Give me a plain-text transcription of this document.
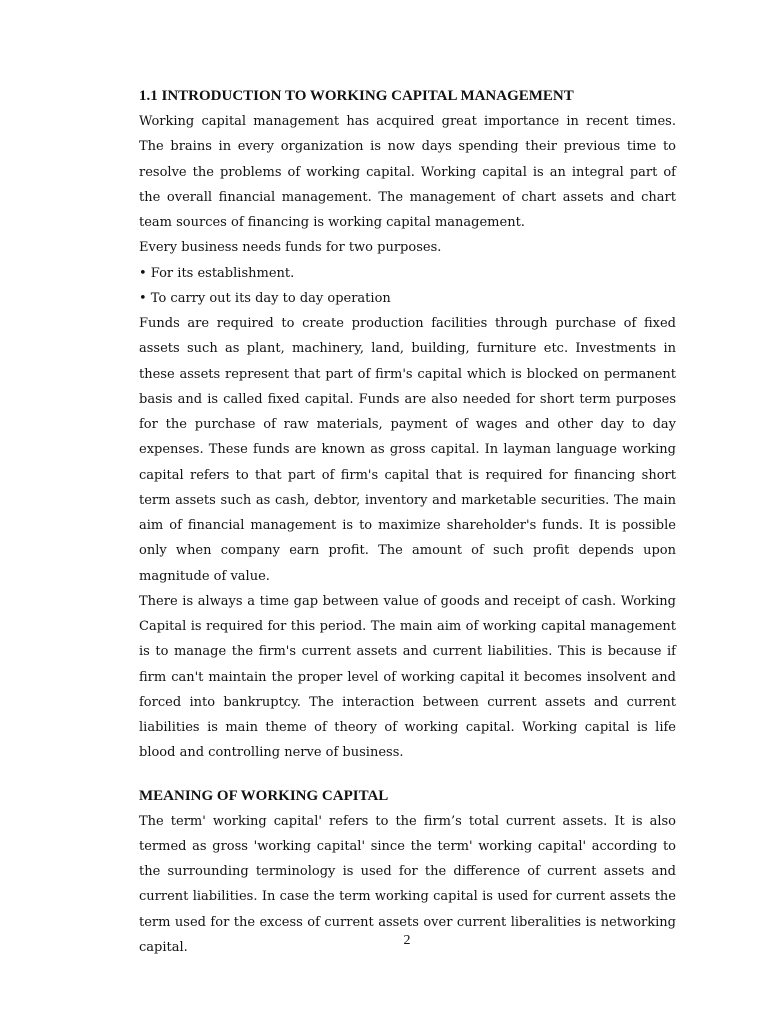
1.1 INTRODUCTION TO WORKING CAPITAL MANAGEMENT

Working capital management has acquired great importance in recent times. The brains in every organization is now days spending their previous time to resolve the problems of working capital. Working capital is an integral part of the overall financial management. The management of chart assets and chart team sources of financing is working capital management.

Every business needs funds for two purposes.

• For its establishment.
• To carry out its day to day operation

Funds are required to create production facilities through purchase of fixed assets such as plant, machinery, land, building, furniture etc. Investments in these assets represent that part of firm's capital which is blocked on permanent basis and is called fixed capital. Funds are also needed for short term purposes for the purchase of raw materials, payment of wages and other day to day expenses. These funds are known as gross capital. In layman language working capital refers to that part of firm's capital that is required for financing short term assets such as cash, debtor, inventory and marketable securities. The main aim of financial management is to maximize shareholder's funds. It is possible only when company earn profit. The amount of such profit depends upon magnitude of value.

There is always a time gap between value of goods and receipt of cash. Working Capital is required for this period. The main aim of working capital management is to manage the firm's current assets and current liabilities. This is because if firm can't maintain the proper level of working capital it becomes insolvent and forced into bankruptcy. The interaction between current assets and current liabilities is main theme of theory of working capital. Working capital is life blood and controlling nerve of business.

MEANING OF WORKING CAPITAL

The term' working capital' refers to the firm’s total current assets. It is also termed as gross 'working capital' since the term' working capital' according to the surrounding terminology is used for the difference of current assets and current liabilities. In case the term working capital is used for current assets the term used for the excess of current assets over current liberalities is networking capital.	2
